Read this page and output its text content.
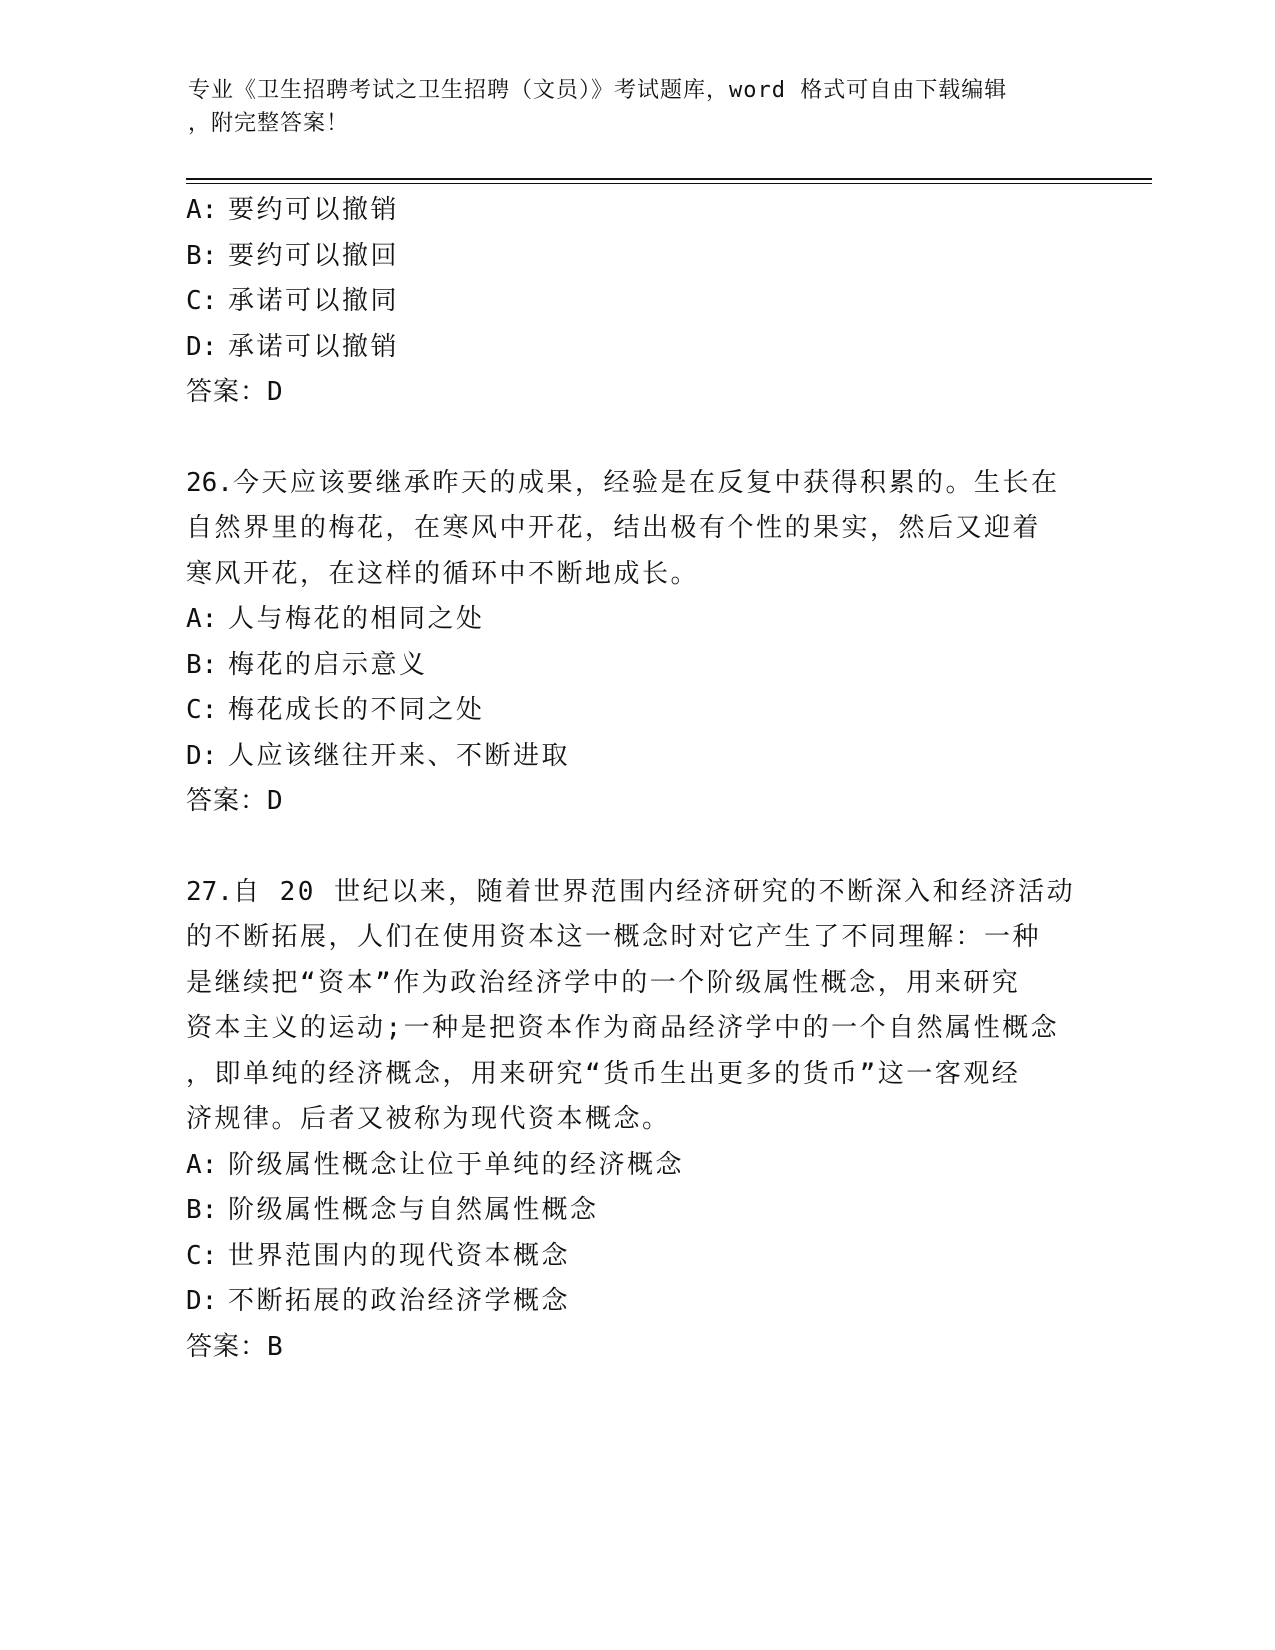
专业《卫生招聘考试之卫生招聘（文员）》考试题库，word 格式可自由下载编辑
，附完整答案！
A: 要约可以撤销
B: 要约可以撤回
C: 承诺可以撤同
D: 承诺可以撤销
答案：D
26.今天应该要继承昨天的成果，经验是在反复中获得积累的。生长在
自然界里的梅花，在寒风中开花，结出极有个性的果实，然后又迎着
寒风开花，在这样的循环中不断地成长。
A: 人与梅花的相同之处
B: 梅花的启示意义
C: 梅花成长的不同之处
D: 人应该继往开来、不断进取
答案：D
27.自 20 世纪以来，随着世界范围内经济研究的不断深入和经济活动
的不断拓展，人们在使用资本这一概念时对它产生了不同理解：一种
是继续把“资本”作为政治经济学中的一个阶级属性概念，用来研究
资本主义的运动;一种是把资本作为商品经济学中的一个自然属性概念
，即单纯的经济概念，用来研究“货币生出更多的货币”这一客观经
济规律。后者又被称为现代资本概念。
A: 阶级属性概念让位于单纯的经济概念
B: 阶级属性概念与自然属性概念
C: 世界范围内的现代资本概念
D: 不断拓展的政治经济学概念
答案：B
